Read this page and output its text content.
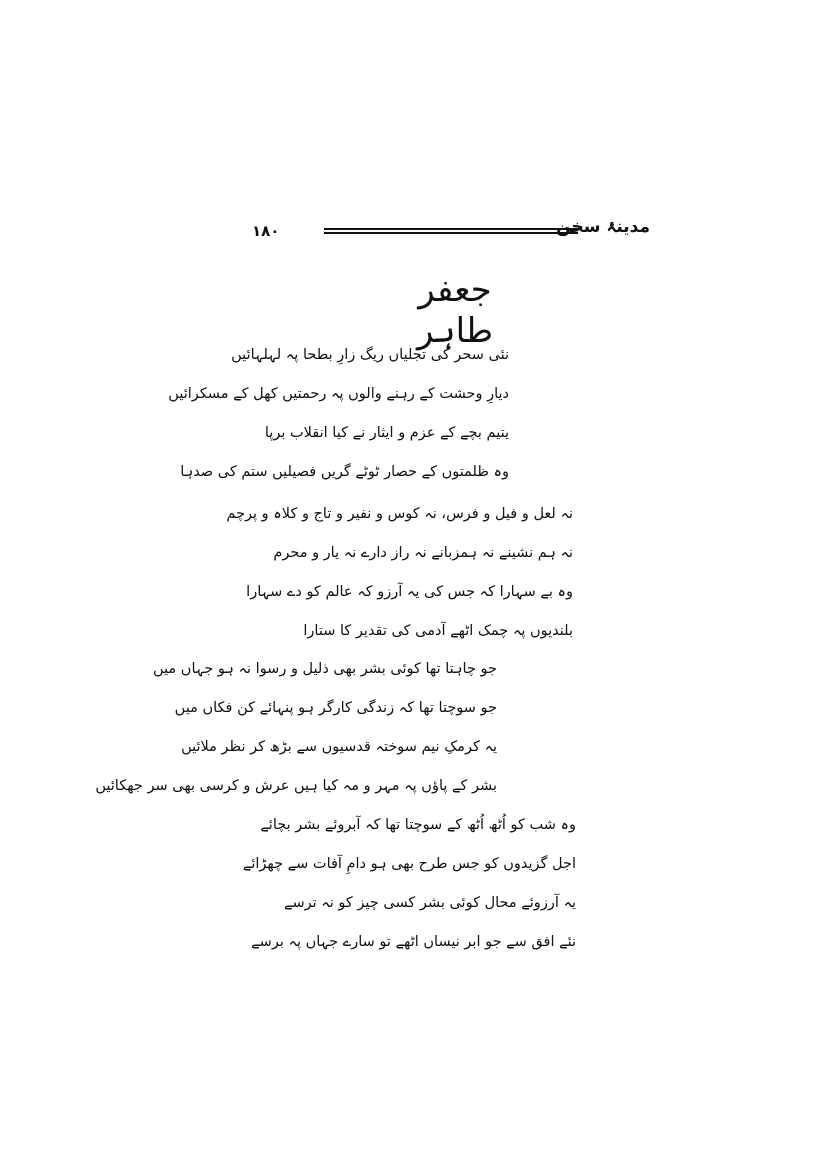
۱۸۰	مدینۂ سخن
جعفر طاہر
نئی سحر کی تجلیاں ریگ زارِ بطحا پہ لہلہائیں
دیارِ وحشت کے رہنے والوں پہ رحمتیں کھل کے مسکرائیں
یتیم بچے کے عزم و ایثار نے کیا انقلاب برپا
وہ ظلمتوں کے حصار ٹوٹے گریں فصیلیں ستم کی صدہا
نہ لعل و فیل و فرس، نہ کوس و نفیر و تاج و کلاہ و پرچم
نہ ہم نشینے نہ ہمزبانے نہ راز دارے نہ یار و محرم
وہ بے سہارا کہ جس کی یہ آرزو کہ عالم کو دے سہارا
بلندیوں پہ چمک اٹھے آدمی کی تقدیر کا ستارا
جو چاہتا تھا کوئی بشر بھی ذلیل و رسوا نہ ہو جہاں میں
جو سوچتا تھا کہ زندگی کارگر ہو پنہائے کن فکاں میں
یہ کرمکِ نیم سوختہ قدسیوں سے بڑھ کر نظر ملائیں
بشر کے پاؤں پہ مہر و مہ کیا ہیں عرش و کرسی بھی سر جھکائیں
وہ شب کو اُٹھ اُٹھ کے سوچتا تھا کہ آبروئے بشر بچائے
اجل گزیدوں کو جس طرح بھی ہو دامِ آفات سے چھڑائے
یہ آرزوئے محال کوئی بشر کسی چیز کو نہ ترسے
نئے افق سے جو ابر نیساں اٹھے تو سارے جہاں پہ برسے
